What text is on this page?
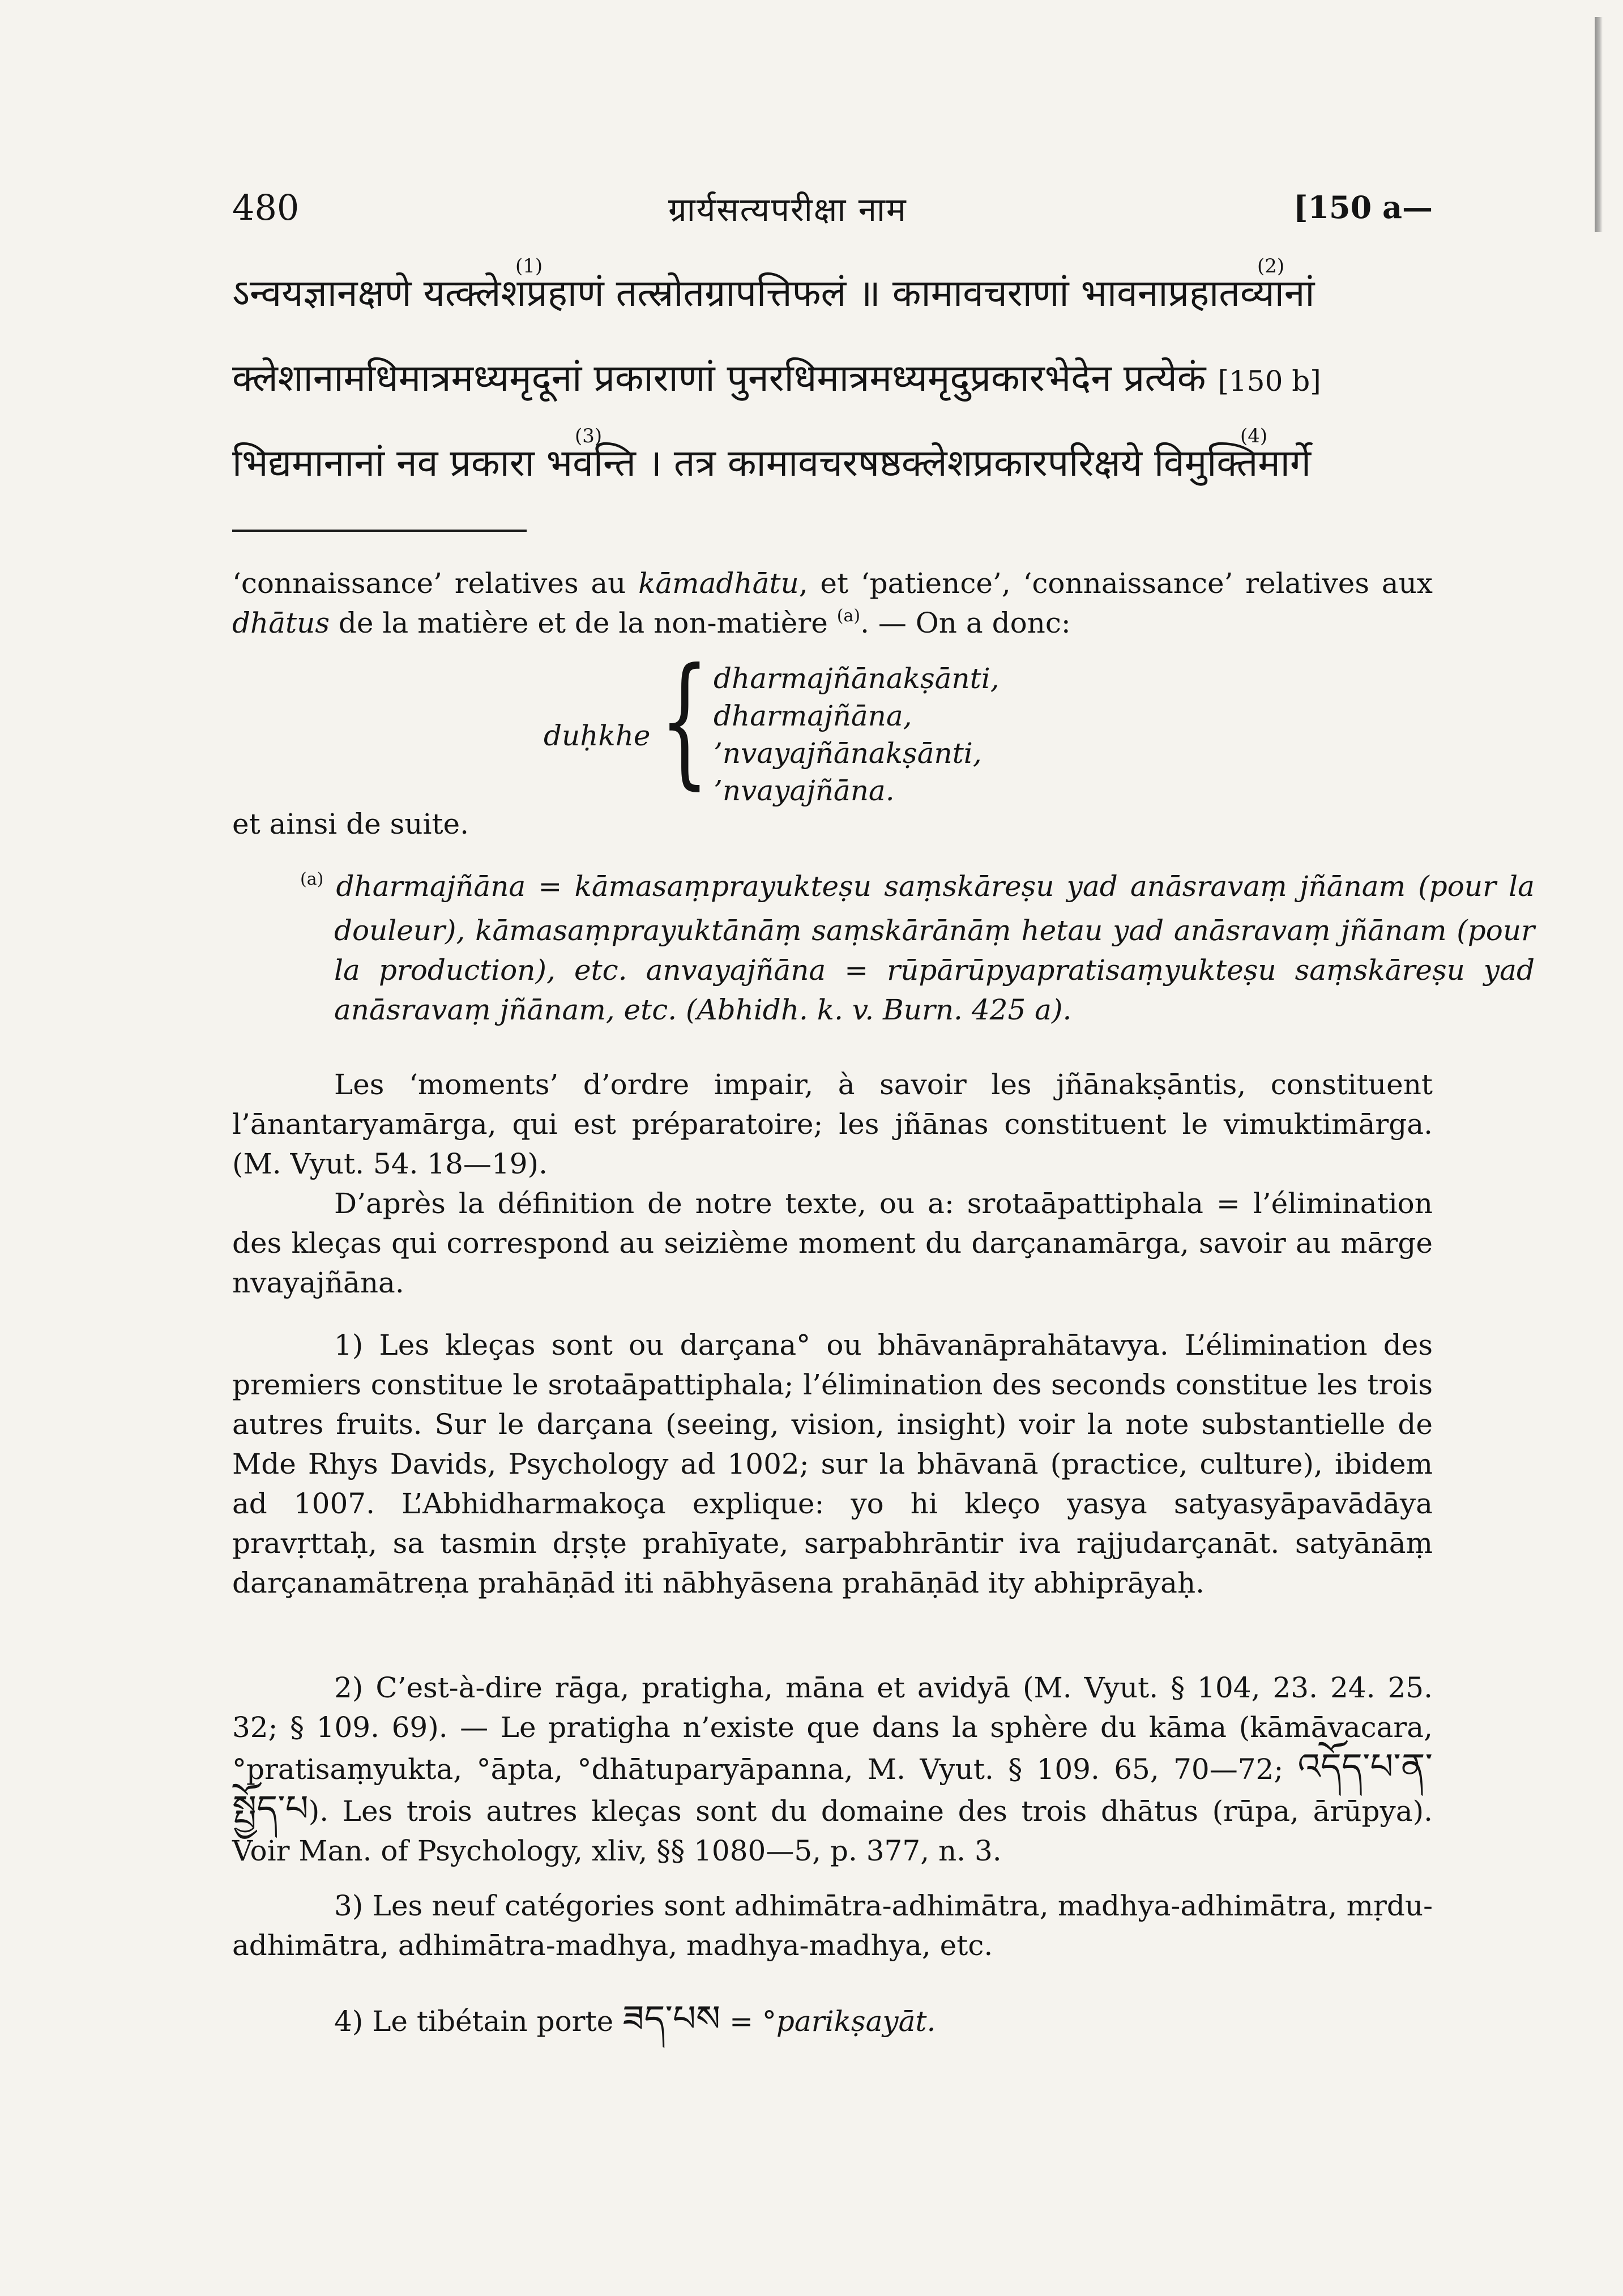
480	ग्रार्यसत्यपरीक्षा नाम	[150 a—
ऽन्वयज्ञानक्षणे यत्क्लेशप्रहाणं तत्स्रोतग्रापत्तिफलं ॥ कामावचराणां भावनाप्रहातव्यानां
(1)	(2)
क्लेशानामधिमात्रमध्यमृदूनां प्रकाराणां पुनरधिमात्रमध्यमृदुप्रकारभेदेन प्रत्येकं [150 b]
भिद्यमानानां नव प्रकारा भवन्ति । तत्र कामावचरषष्ठक्लेशप्रकारपरिक्षये विमुक्तिमार्गे
(3)	(4)
‘connaissance’ relatives au kāmadhātu, et ‘patience’, ‘connaissance’ relatives aux dhātus de la matière et de la non-matière $^{(a)}$. — On a donc:
duḥkhe { dharmajñānakṣānti,
dharmajñāna,
’nvayajñānakṣānti,
’nvayajñāna.
et ainsi de suite.
$^{(a)}$ dharmajñāna = kāmasaṃprayukteṣu saṃskāreṣu yad anāsravaṃ jñānam (pour la douleur), kāmasaṃprayuktānāṃ saṃskārānāṃ hetau yad anāsravaṃ jñānam (pour la production), etc. anvayajñāna = rūpārūpyapratisaṃyukteṣu saṃskāreṣu yad anāsravaṃ jñānam, etc. (Abhidh. k. v. Burn. 425 a).
Les ‘moments’ d’ordre impair, à savoir les jñānakṣāntis, constituent l’ānantaryamārga, qui est préparatoire; les jñānas constituent le vimuktimārga. (M. Vyut. 54. 18—19).
D’après la définition de notre texte, ou a: srotaāpattiphala = l’élimination des kleças qui correspond au seizième moment du darçanamārga, savoir au mārge nvayajñāna.
1) Les kleças sont ou darçana° ou bhāvanāprahātavya. L’élimination des premiers constitue le srotaāpattiphala; l’élimination des seconds constitue les trois autres fruits. Sur le darçana (seeing, vision, insight) voir la note substantielle de Mde Rhys Davids, Psychology ad 1002; sur la bhāvanā (practice, culture), ibidem ad 1007. L’Abhidharmakoça explique: yo hi kleço yasya satyasyāpavādāya pravṛttaḥ, sa tasmin dṛṣṭe prahīyate, sarpabhrāntir iva rajjudarçanāt. satyānāṃ darçanamātreṇa prahāṇād iti nābhyāsena prahāṇād ity abhiprāyaḥ.
2) C’est-à-dire rāga, pratigha, māna et avidyā (M. Vyut. § 104, 23. 24. 25. 32; § 109. 69). — Le pratigha n’existe que dans la sphère du kāma (kāmāvacara, °pratisaṃyukta, °āpta, °dhātuparyāpanna, M. Vyut. § 109. 65, 70—72; འདོད་པ་ན་སྤྱོད་པ). Les trois autres kleças sont du domaine des trois dhātus (rūpa, ārūpya). Voir Man. of Psychology, xliv, §§ 1080—5, p. 377, n. 3.
3) Les neuf catégories sont adhimātra-adhimātra, madhya-adhimātra, mṛdu-adhimātra, adhimātra-madhya, madhya-madhya, etc.
4) Le tibétain porte ཟད་པས = °parikṣayāt.
